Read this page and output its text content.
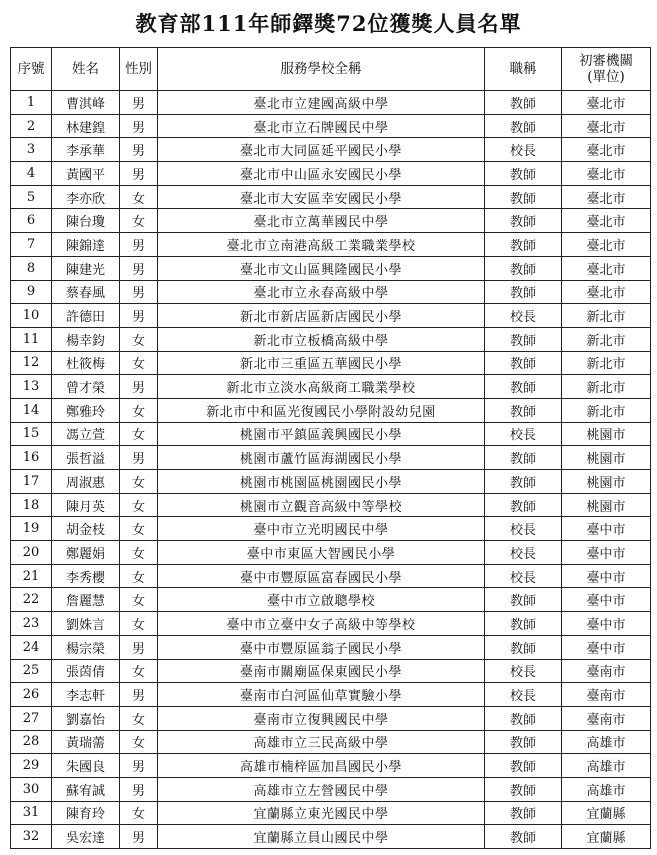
教育部111年師鐸獎72位獲獎人員名單
序號	姓名	性別	服務學校全稱	職稱	初審機關
(單位)

1	曹淇峰	男	臺北市立建國高級中學	教師	臺北市
2	林建鍠	男	臺北市立石牌國民中學	教師	臺北市
3	李承華	男	臺北市大同區延平國民小學	校長	臺北市
4	黃國平	男	臺北市中山區永安國民小學	教師	臺北市
5	李亦欣	女	臺北市大安區幸安國民小學	教師	臺北市
6	陳台瓊	女	臺北市立萬華國民中學	教師	臺北市
7	陳錦達	男	臺北市立南港高級工業職業學校	教師	臺北市
8	陳建光	男	臺北市文山區興隆國民小學	教師	臺北市
9	蔡春風	男	臺北市立永春高級中學	教師	臺北市
10	許德田	男	新北市新店區新店國民小學	校長	新北市
11	楊幸鈞	女	新北市立板橋高級中學	教師	新北市
12	杜筱梅	女	新北市三重區五華國民小學	教師	新北市
13	曾才榮	男	新北市立淡水高級商工職業學校	教師	新北市
14	鄭雅玲	女	新北市中和區光復國民小學附設幼兒園	教師	新北市
15	馮立萱	女	桃園市平鎮區義興國民小學	校長	桃園市
16	張哲溢	男	桃園市蘆竹區海湖國民小學	教師	桃園市
17	周淑惠	女	桃園市桃園區桃園國民小學	教師	桃園市
18	陳月英	女	桃園市立觀音高級中等學校	教師	桃園市
19	胡金枝	女	臺中市立光明國民中學	校長	臺中市
20	鄭麗娟	女	臺中市東區大智國民小學	校長	臺中市
21	李秀櫻	女	臺中市豐原區富春國民小學	校長	臺中市
22	詹麗慧	女	臺中市立啟聰學校	教師	臺中市
23	劉姝言	女	臺中市立臺中女子高級中等學校	教師	臺中市
24	楊宗榮	男	臺中市豐原區翁子國民小學	教師	臺中市
25	張茵倩	女	臺南市關廟區保東國民小學	校長	臺南市
26	李志軒	男	臺南市白河區仙草實驗小學	校長	臺南市
27	劉嘉怡	女	臺南市立復興國民中學	教師	臺南市
28	黃瑞薷	女	高雄市立三民高級中學	教師	高雄市
29	朱國良	男	高雄市楠梓區加昌國民小學	教師	高雄市
30	蘇宥誠	男	高雄市立左營國民中學	教師	高雄市
31	陳育玲	女	宜蘭縣立東光國民中學	教師	宜蘭縣
32	吳宏達	男	宜蘭縣立員山國民中學	教師	宜蘭縣
